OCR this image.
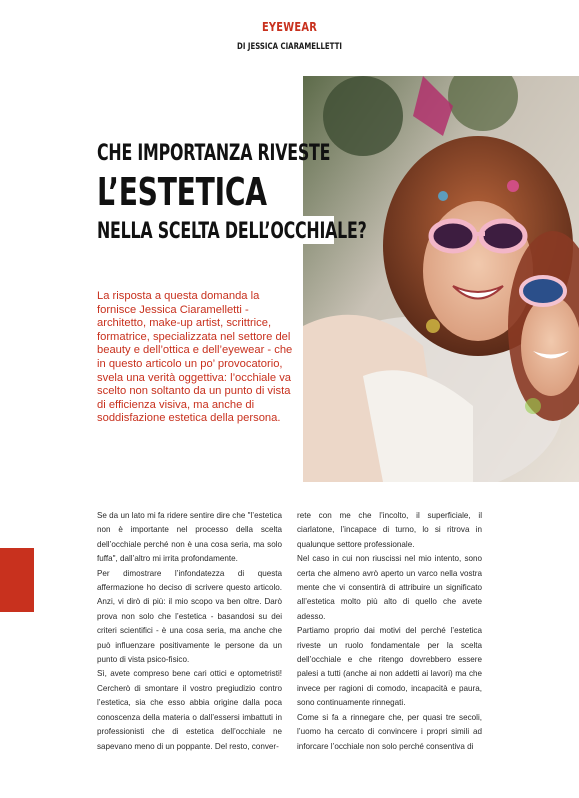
EYEWEAR
DI JESSICA CIARAMELLETTI
CHE IMPORTANZA RIVESTE
L’ESTETICA
NELLA SCELTA DELL’OCCHIALE?
La risposta a questa domanda la fornisce Jessica Ciaramelletti - architetto, make-up artist, scrittrice, formatrice, specializzata nel settore del beauty e dell’ottica e dell’eyewear - che in questo articolo un po’ provocatorio, svela una verità oggettiva: l’occhiale va scelto non soltanto da un punto di vista di efficienza visiva, ma anche di soddisfazione estetica della persona.

Se da un lato mi fa ridere sentire dire che "l’estetica non è importante nel processo della scelta dell’occhiale perché non è una cosa seria, ma solo fuffa", dall’altro mi irrita profondamente.

Per dimostrare l’infondatezza di questa affermazione ho deciso di scrivere questo articolo. Anzi, vi dirò di più: il mio scopo va ben oltre. Darò prova non solo che l’estetica - basandosi su dei criteri scientifici - è una cosa seria, ma anche che può influenzare positivamente le persone da un punto di vista psico-fisico.

Sì, avete compreso bene cari ottici e optometristi! Cercherò di smontare il vostro pregiudizio contro l’estetica, sia che esso abbia origine dalla poca conoscenza della materia o dall’essersi imbattuti in professionisti che di estetica dell’occhiale ne sapevano meno di un poppante. Del resto, conver-

rete con me che l’incolto, il superficiale, il ciarlatone, l’incapace di turno, lo si ritrova in qualunque settore professionale.

Nel caso in cui non riuscissi nel mio intento, sono certa che almeno avrò aperto un varco nella vostra mente che vi consentirà di attribuire un significato all’estetica molto più alto di quello che avete adesso.

Partiamo proprio dai motivi del perché l’estetica riveste un ruolo fondamentale per la scelta dell’occhiale e che ritengo dovrebbero essere palesi a tutti (anche ai non addetti ai lavori) ma che invece per ragioni di comodo, incapacità e paura, sono continuamente rinnegati.

Come si fa a rinnegare che, per quasi tre secoli, l’uomo ha cercato di convincere i propri simili ad inforcare l’occhiale non solo perché consentiva di
